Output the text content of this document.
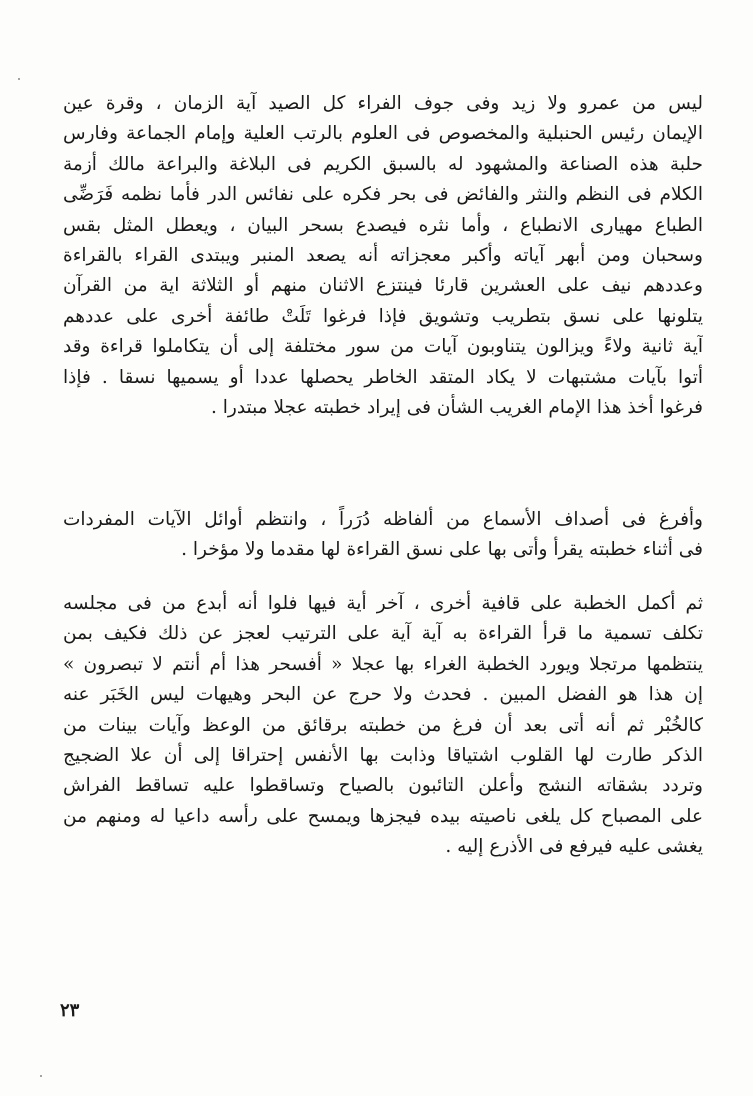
ليس من عمرو ولا زيد وفى جوف الفراء كل الصيد آية الزمان ، وقرة عين
الإيمان رئيس الحنبلية والمخصوص فى العلوم بالرتب العلية وإمام الجماعة وفارس
حلبة هذه الصناعة والمشهود له بالسبق الكريم فى البلاغة والبراعة مالك أزمة
الكلام فى النظم والنثر والفائض فى بحر فكره على نفائس الدر فأما نظمه فَرَضِّى
الطباع مهيارى الانطباع ، وأما نثره فيصدع بسحر البيان ، ويعطل المثل بقس
وسحبان ومن أبهر آياته وأكبر معجزاته أنه يصعد المنبر ويبتدى القراء بالقراءة
وعددهم نيف على العشرين قارئا فينتزع الاثنان منهم أو الثلاثة اية من القرآن
يتلونها على نسق بتطريب وتشويق فإذا فرغوا تَلَتْ طائفة أخرى على عددهم
آية ثانية ولاءً ويزالون يتناوبون آيات من سور مختلفة إلى أن يتكاملوا قراءة وقد
أتوا بآيات مشتبهات لا يكاد المتقد الخاطر يحصلها عددا أو يسميها نسقا . فإذا
فرغوا أخذ هذا الإمام الغريب الشأن فى إيراد خطبته عجلا مبتدرا .
وأفرغ فى أصداف الأسماع من ألفاظه دُرَراً ، وانتظم أوائل الآيات المفردات
فى أثناء خطبته يقرأ وأتى بها على نسق القراءة لها مقدما ولا مؤخرا .
ثم أكمل الخطبة على قافية أخرى ، آخر أية فيها فلوا أنه أبدع من فى مجلسه
تكلف تسمية ما قرأ القراءة به آية آية على الترتيب لعجز عن ذلك فكيف بمن
ينتظمها مرتجلا ويورد الخطبة الغراء بها عجلا « أفسحر هذا أم أنتم لا تبصرون »
إن هذا هو الفضل المبين . فحدث ولا حرج عن البحر وهيهات ليس الخَبَر عنه
كالخُبْر ثم أنه أتى بعد أن فرغ من خطبته برقائق من الوعظ وآيات بينات من
الذكر طارت لها القلوب اشتياقا وذابت بها الأنفس إحتراقا إلى أن علا الضجيج
وتردد بشقاته النشج وأعلن التائبون بالصياح وتساقطوا عليه تساقط الفراش
على المصباح كل يلغى ناصيته بيده فيجزها ويمسح على رأسه داعيا له ومنهم من
يغشى عليه فيرفع فى الأذرع إليه .
٢٣
